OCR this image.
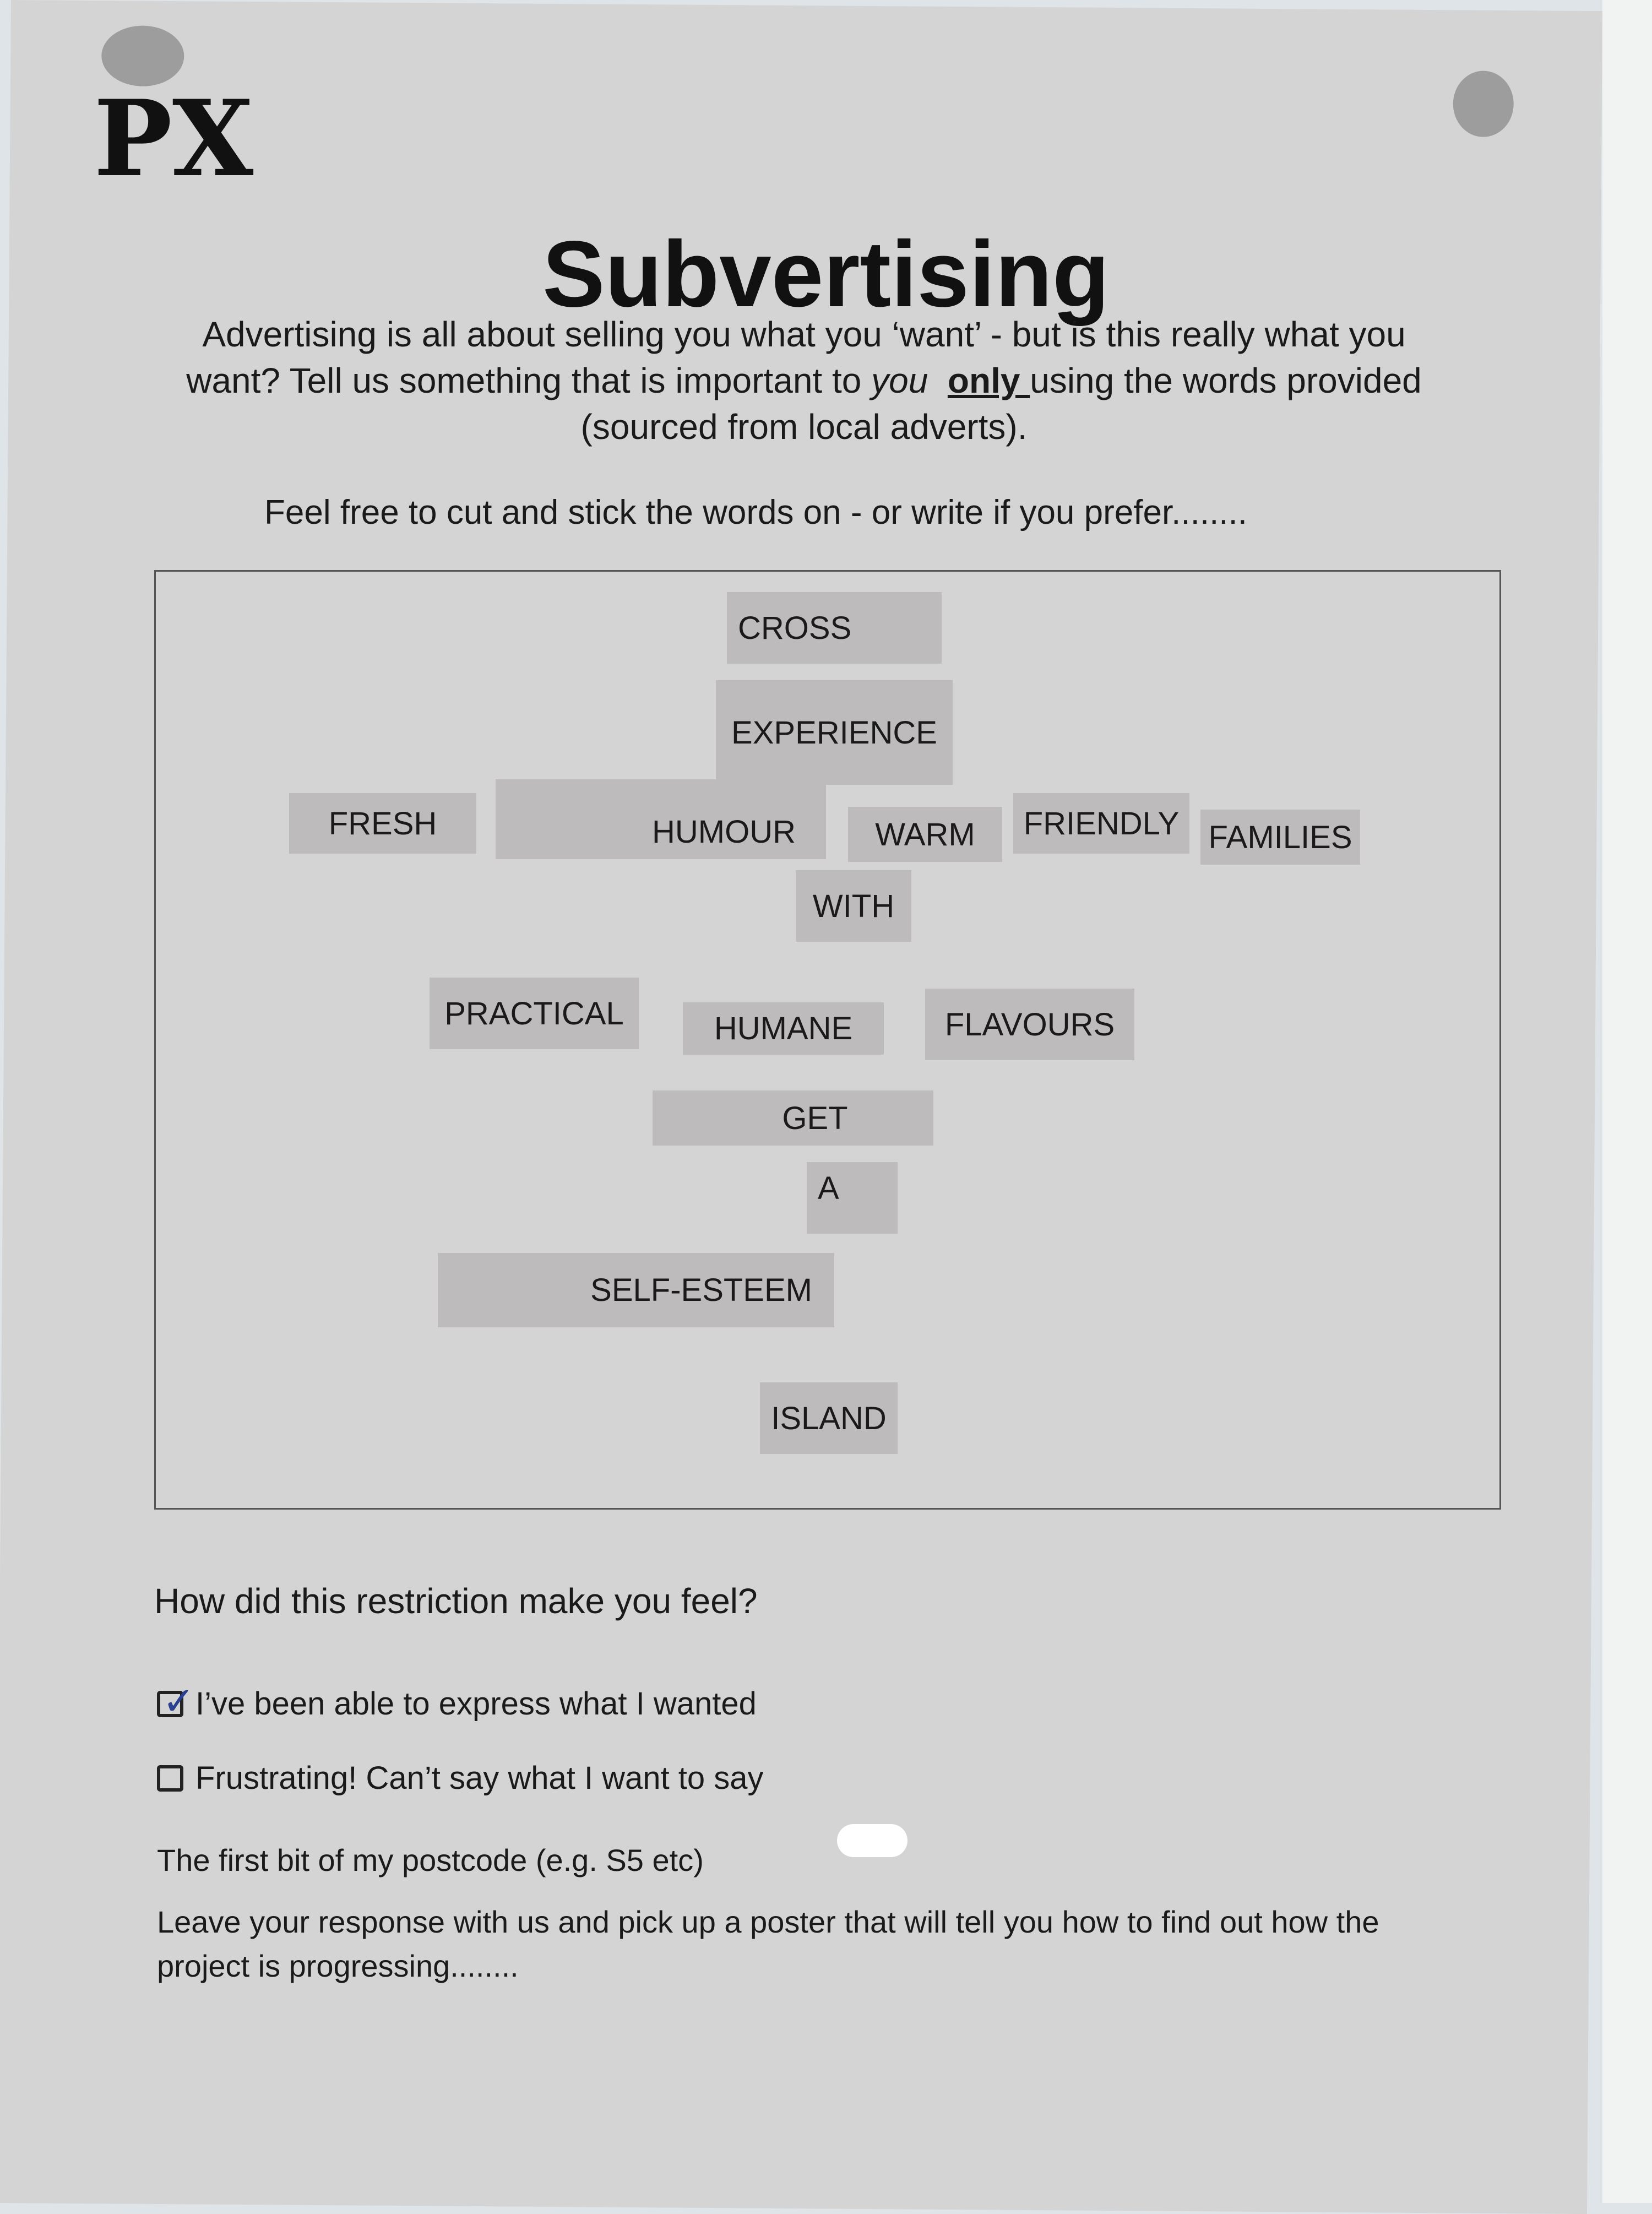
PX
Subvertising
Advertising is all about selling you what you ‘want’ - but is this really what you want? Tell us something that is important to you only using the words provided (sourced from local adverts).
Feel free to cut and stick the words on - or write if you prefer........
CROSS
EXPERIENCE
FRESH	HUMOUR	WARM	FRIENDLY FAMILIES
WITH
PRACTICAL	HUMANE	FLAVOURS
GET
A
SELF-ESTEEM
ISLAND
How did this restriction make you feel?
✓ I’ve been able to express what I wanted
Frustrating! Can’t say what I want to say
The first bit of my postcode (e.g. S5 etc)
Leave your response with us and pick up a poster that will tell you how to find out how the project is progressing........
